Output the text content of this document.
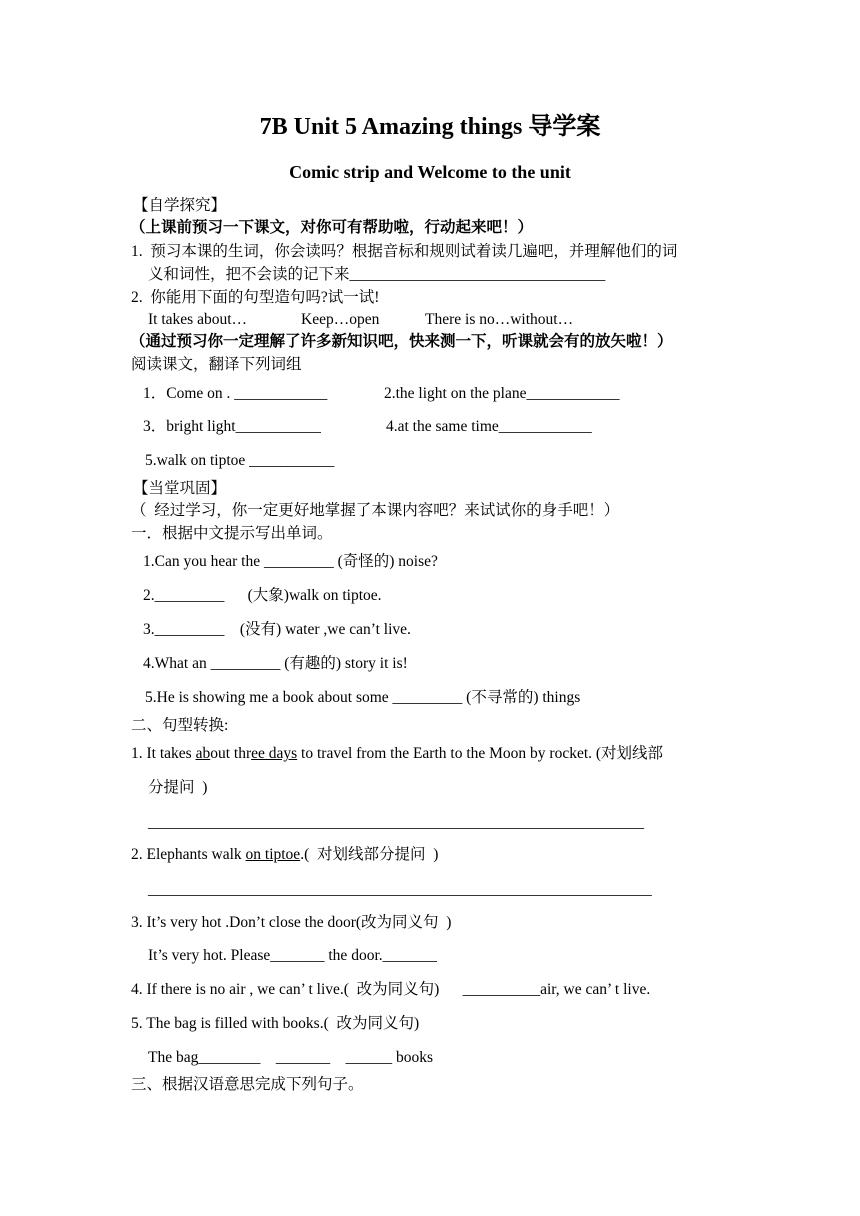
7B Unit 5 Amazing things 导学案
Comic strip and Welcome to the unit
【自学探究】
（上课前预习一下课文，对你可有帮助啦，行动起来吧！）
1.  预习本课的生词，你会读吗？根据音标和规则试着读几遍吧，并理解他们的词
义和词性，把不会读的记下来_________________________________
2.  你能用下面的句型造句吗?试一试!
It takes about…	Keep…open	There is no…without…
（通过预习你一定理解了许多新知识吧，快来测一下，听课就会有的放矢啦！）
阅读课文，翻译下列词组
1．Come on . ____________	2.the light on the plane____________
3．bright light___________	4.at the same time____________
5.walk on tiptoe ___________
【当堂巩固】
（  经过学习，你一定更好地掌握了本课内容吧？来试试你的身手吧！）
一．根据中文提示写出单词。
1.Can you hear the _________ (奇怪的) noise?
2._________      (大象)walk on tiptoe.
3._________    (没有) water ,we can’t live.
4.What an _________ (有趣的) story it is!
5.He is showing me a book about some _________ (不寻常的) things
二、句型转换:
1. It takes about three days to travel from the Earth to the Moon by rocket. (对划线部
分提问  )
________________________________________________________________
2. Elephants walk on tiptoe.(  对划线部分提问  )
_________________________________________________________________
3. It’s very hot .Don’t close the door(改为同义句  )
It’s very hot. Please_______ the door._______
4. If there is no air , we can’ t live.(  改为同义句)      __________air, we can’ t live.
5. The bag is filled with books.(  改为同义句)
The bag________    _______    ______ books
三、根据汉语意思完成下列句子。
